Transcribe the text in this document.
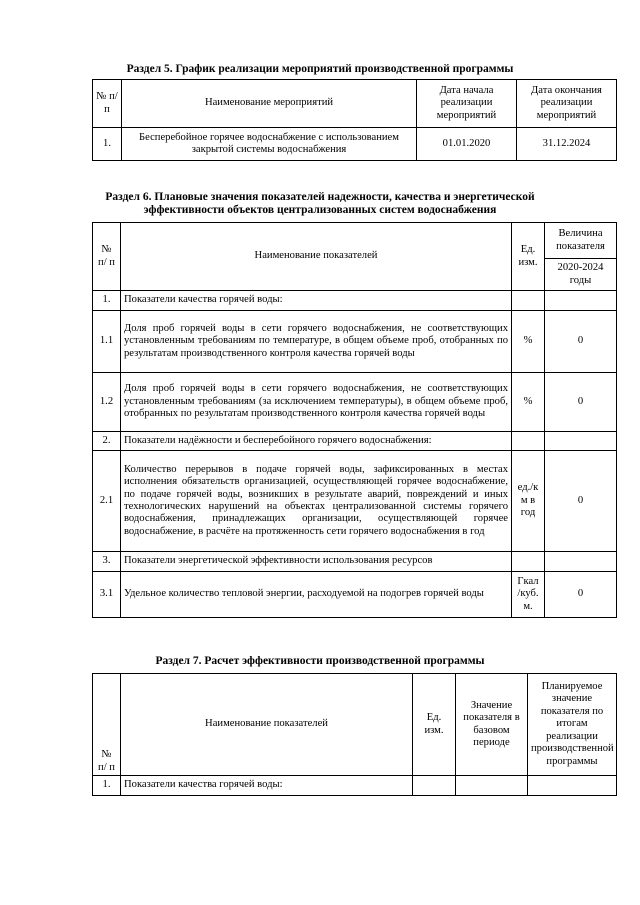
Раздел 5. График реализации мероприятий производственной программы
№ п/п	Наименование мероприятий	Дата начала реализации мероприятий	Дата окончания реализации мероприятий
1.	Бесперебойное горячее водоснабжение с использованием закрытой системы водоснабжения	01.01.2020	31.12.2024
Раздел 6. Плановые значения показателей надежности, качества и энергетической
эффективности объектов централизованных систем водоснабжения
№ п/ п	Наименование показателей	Ед. изм.	Величина показателя
			2020-2024 годы
1.	Показатели качества горячей воды:		
1.1	Доля проб горячей воды в сети горячего водоснабжения, не соответствующих установленным требованиям по температуре, в общем объеме проб, отобранных по результатам производственного контроля качества горячей воды	%	0
1.2	Доля проб горячей воды в сети горячего водоснабжения, не соответствующих установленным требованиям (за исключением температуры), в общем объеме проб, отобранных по результатам производственного контроля качества горячей воды	%	0
2.	Показатели надёжности и бесперебойного горячего водоснабжения:		
2.1	Количество перерывов в подаче горячей воды, зафиксированных в местах исполнения обязательств организацией, осуществляющей горячее водоснабжение, по подаче горячей воды, возникших в результате аварий, повреждений и иных технологических нарушений на объектах централизованной системы горячего водоснабжения, принадлежащих организации, осуществляющей горячее водоснабжение, в расчёте на протяженность сети горячего водоснабжения в год	ед./к м в год	0
3.	Показатели энергетической эффективности использования ресурсов		
3.1	Удельное количество тепловой энергии, расходуемой на подогрев горячей воды	Гкал /куб. м.	0
Раздел 7. Расчет эффективности производственной программы
№ п/ п	Наименование показателей	Ед. изм.	Значение показателя в базовом периоде	Планируемое значение показателя по итогам реализации производственной программы
1.	Показатели качества горячей воды:			
